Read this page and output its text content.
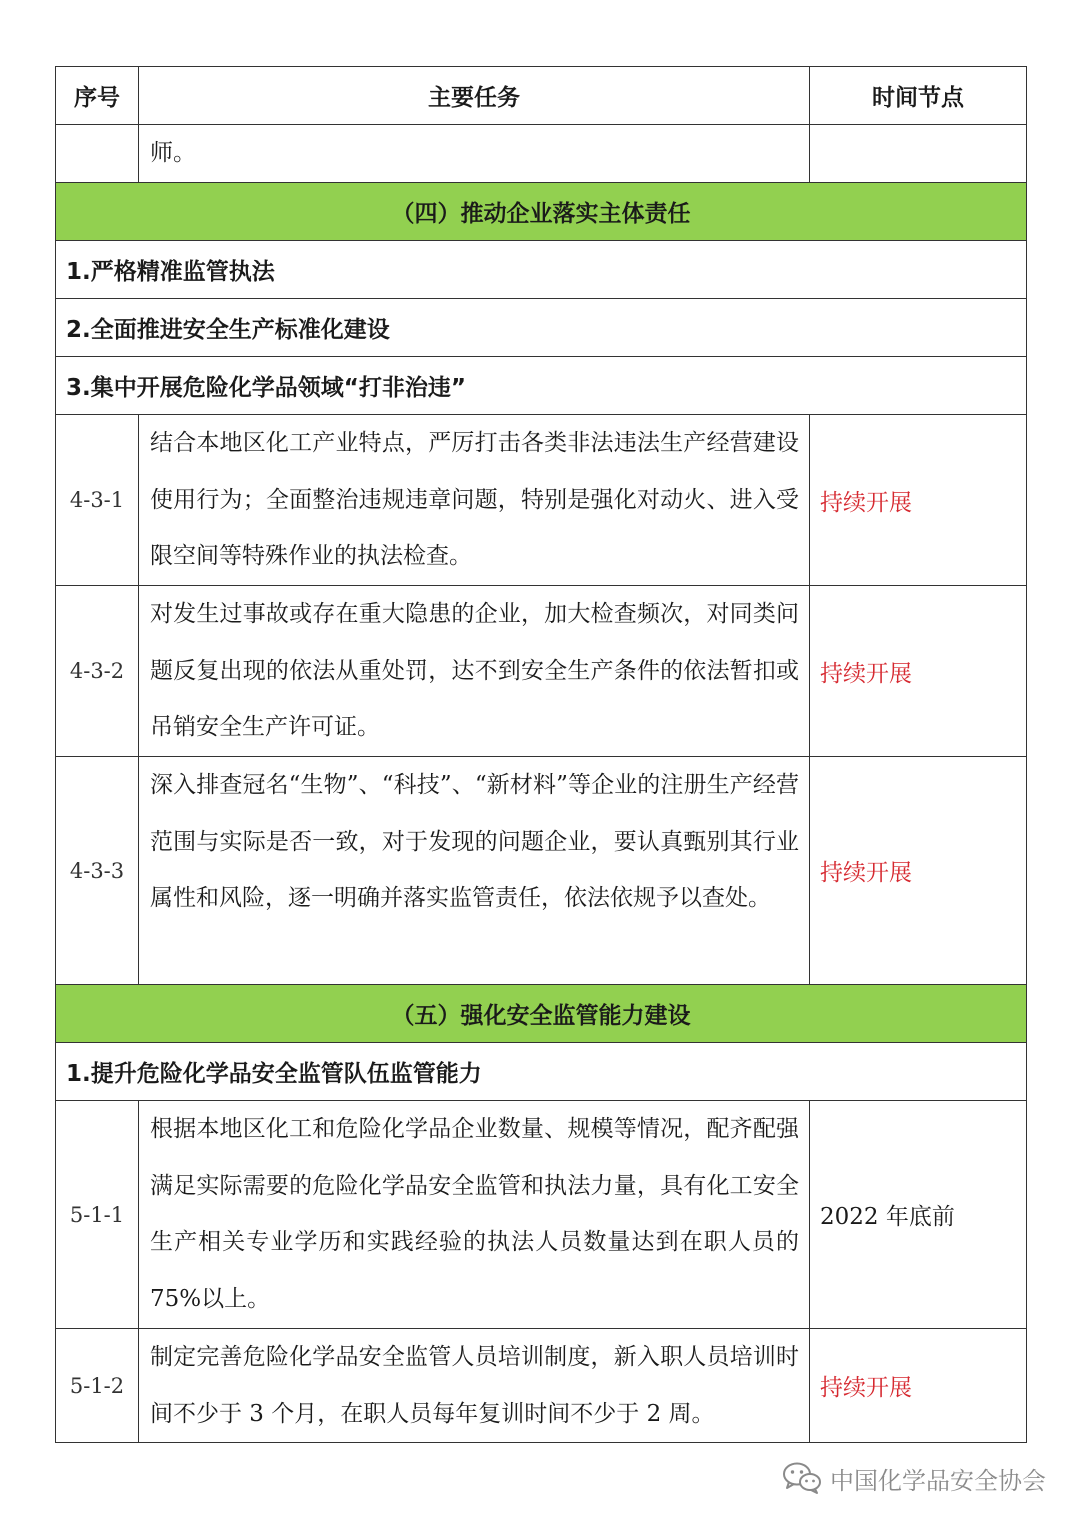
序号	主要任务	时间节点
	师。	
（四）推动企业落实主体责任		
1.严格精准监管执法		
2.全面推进安全生产标准化建设		
3.集中开展危险化学品领域“打非治违”		
4-3-1	结合本地区化工产业特点，严厉打击各类非法违法生产经营建设使用行为；全面整治违规违章问题，特别是强化对动火、进入受限空间等特殊作业的执法检查。	持续开展
4-3-2	对发生过事故或存在重大隐患的企业，加大检查频次，对同类问题反复出现的依法从重处罚，达不到安全生产条件的依法暂扣或吊销安全生产许可证。	持续开展
4-3-3	深入排查冠名“生物”、“科技”、“新材料”等企业的注册生产经营范围与实际是否一致，对于发现的问题企业，要认真甄别其行业属性和风险，逐一明确并落实监管责任，依法依规予以查处。	持续开展
（五）强化安全监管能力建设		
1.提升危险化学品安全监管队伍监管能力		
5-1-1	根据本地区化工和危险化学品企业数量、规模等情况，配齐配强满足实际需要的危险化学品安全监管和执法力量，具有化工安全生产相关专业学历和实践经验的执法人员数量达到在职人员的 75%以上。	2022 年底前
5-1-2	制定完善危险化学品安全监管人员培训制度，新入职人员培训时间不少于 3 个月，在职人员每年复训时间不少于 2 周。	持续开展
中国化学品安全协会
